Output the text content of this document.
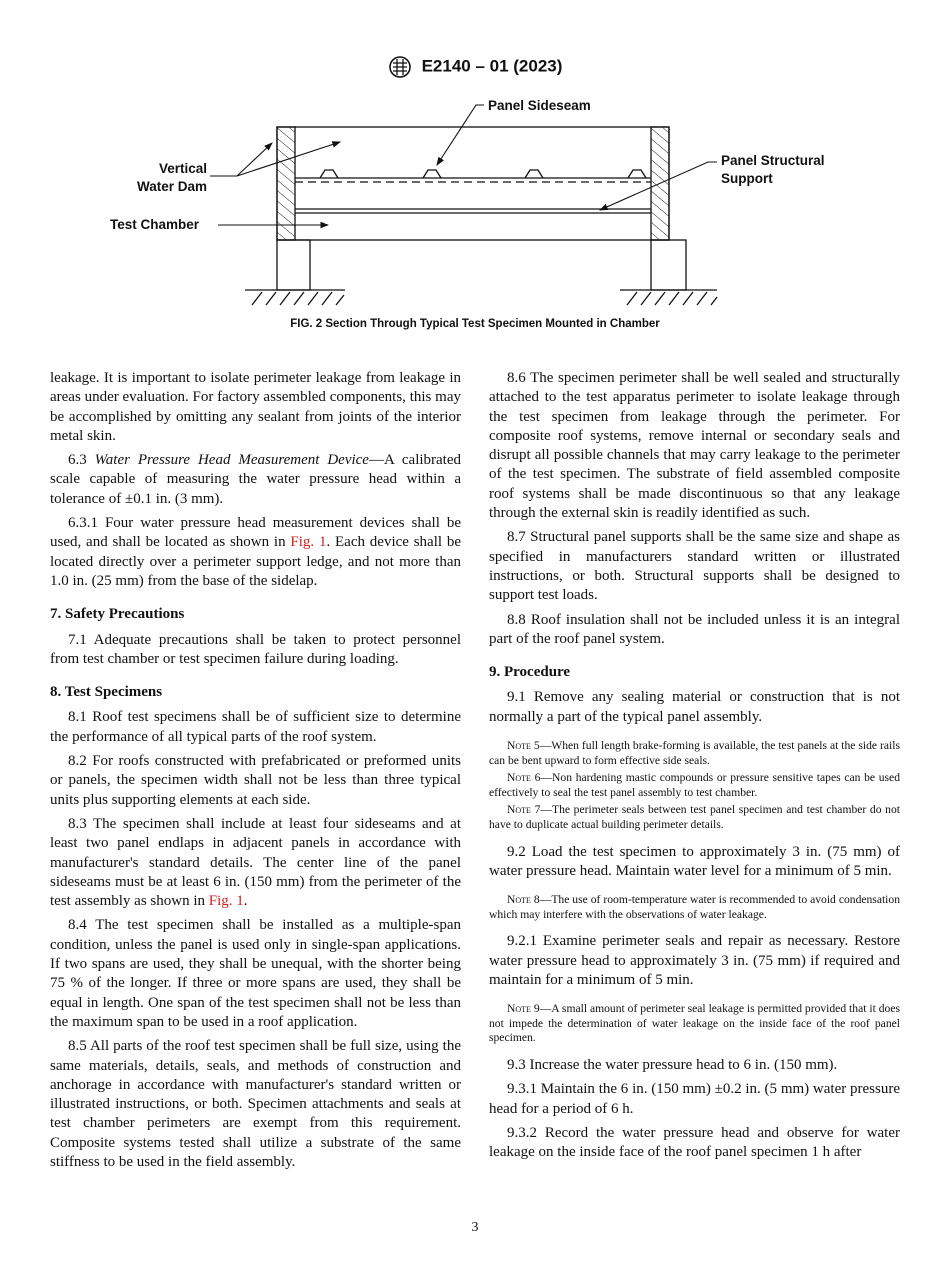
E2140 – 01 (2023)
Panel Sideseam
Vertical
Water Dam
Panel Structural
Support
Test Chamber
FIG. 2 Section Through Typical Test Specimen Mounted in Chamber

leakage. It is important to isolate perimeter leakage from leakage in areas under evaluation. For factory assembled components, this may be accomplished by omitting any sealant from joints of the interior metal skin.

6.3 Water Pressure Head Measurement Device—A calibrated scale capable of measuring the water pressure head within a tolerance of ±0.1 in. (3 mm).

6.3.1 Four water pressure head measurement devices shall be used, and shall be located as shown in Fig. 1. Each device shall be located directly over a perimeter support ledge, and not more than 1.0 in. (25 mm) from the base of the sidelap.

7. Safety Precautions

7.1 Adequate precautions shall be taken to protect personnel from test chamber or test specimen failure during loading.

8. Test Specimens

8.1 Roof test specimens shall be of sufficient size to determine the performance of all typical parts of the roof system.

8.2 For roofs constructed with prefabricated or preformed units or panels, the specimen width shall not be less than three typical units plus supporting elements at each side.

8.3 The specimen shall include at least four sideseams and at least two panel endlaps in adjacent panels in accordance with manufacturer's standard details. The center line of the panel sideseams must be at least 6 in. (150 mm) from the perimeter of the test assembly as shown in Fig. 1.

8.4 The test specimen shall be installed as a multiple-span condition, unless the panel is used only in single-span applications. If two spans are used, they shall be unequal, with the shorter being 75 % of the longer. If three or more spans are used, they shall be equal in length. One span of the test specimen shall not be less than the maximum span to be used in a roof application.

8.5 All parts of the roof test specimen shall be full size, using the same materials, details, seals, and methods of construction and anchorage in accordance with manufacturer's standard written or illustrated instructions, or both. Specimen attachments and seals at test chamber perimeters are exempt from this requirement. Composite systems tested shall utilize a substrate of the same stiffness to be used in the field assembly.

8.6 The specimen perimeter shall be well sealed and structurally attached to the test apparatus perimeter to isolate leakage through the test specimen from leakage through the perimeter. For composite roof systems, remove internal or secondary seals and disrupt all possible channels that may carry leakage to the perimeter of the test specimen. The substrate of field assembled composite roof systems shall be made discontinuous so that any leakage through the external skin is readily identified as such.

8.7 Structural panel supports shall be the same size and shape as specified in manufacturers standard written or illustrated instructions, or both. Structural supports shall be designed to support test loads.

8.8 Roof insulation shall not be included unless it is an integral part of the roof panel system.

9. Procedure

9.1 Remove any sealing material or construction that is not normally a part of the typical panel assembly.

Note 5—When full length brake-forming is available, the test panels at the side rails can be bent upward to form effective side seals.

Note 6—Non hardening mastic compounds or pressure sensitive tapes can be used effectively to seal the test panel assembly to test chamber.

Note 7—The perimeter seals between test panel specimen and test chamber do not have to duplicate actual building perimeter details.

9.2 Load the test specimen to approximately 3 in. (75 mm) of water pressure head. Maintain water level for a minimum of 5 min.

Note 8—The use of room-temperature water is recommended to avoid condensation which may interfere with the observations of water leakage.

9.2.1 Examine perimeter seals and repair as necessary. Restore water pressure head to approximately 3 in. (75 mm) if required and maintain for a minimum of 5 min.

Note 9—A small amount of perimeter seal leakage is permitted provided that it does not impede the determination of water leakage on the inside face of the roof panel specimen.

9.3 Increase the water pressure head to 6 in. (150 mm).

9.3.1 Maintain the 6 in. (150 mm) ±0.2 in. (5 mm) water pressure head for a period of 6 h.

9.3.2 Record the water pressure head and observe for water leakage on the inside face of the roof panel specimen 1 h after

3
